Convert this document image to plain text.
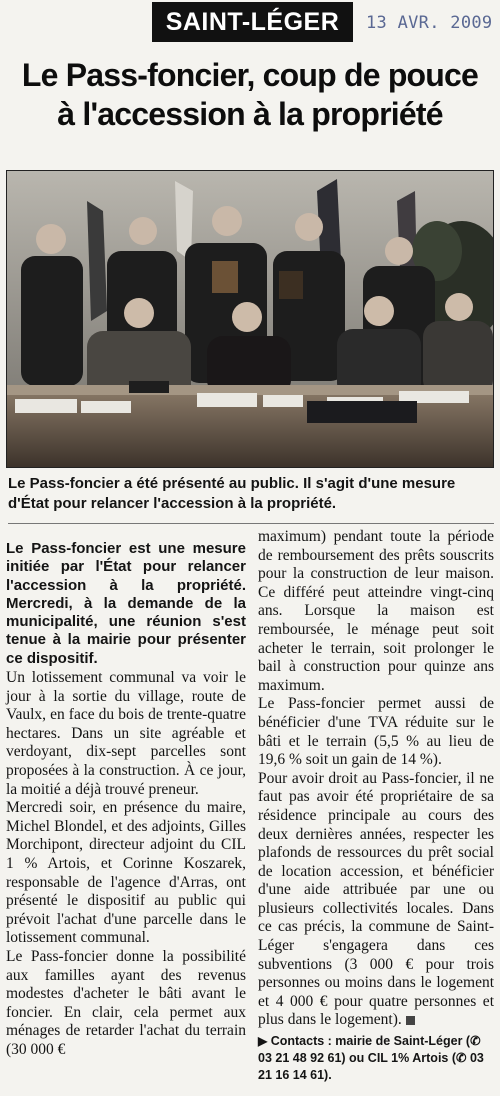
SAINT-LÉGER	13 AVR. 2009
Le Pass-foncier, coup de pouce
à l'accession à la propriété
Le Pass-foncier a été présenté au public. Il s'agit d'une mesure d'État pour relancer l'accession à la propriété.

Le Pass-foncier est une mesure initiée par l'État pour relancer l'accession à la propriété. Mercredi, à la demande de la municipalité, une réunion s'est tenue à la mairie pour présenter ce dispositif.

Un lotissement communal va voir le jour à la sortie du village, route de Vaulx, en face du bois de trente-quatre hectares. Dans un site agréable et verdoyant, dix-sept parcelles sont proposées à la construction. À ce jour, la moitié a déjà trouvé preneur.

Mercredi soir, en présence du maire, Michel Blondel, et des adjoints, Gilles Morchipont, directeur adjoint du CIL 1 % Artois, et Corinne Koszarek, responsable de l'agence d'Arras, ont présenté le dispositif au public qui prévoit l'achat d'une parcelle dans le lotissement communal.

Le Pass-foncier donne la possibilité aux familles ayant des revenus modestes d'acheter le bâti avant le foncier. En clair, cela permet aux ménages de retarder l'achat du terrain (30 000 €

maximum) pendant toute la période de remboursement des prêts souscrits pour la construction de leur maison. Ce différé peut atteindre vingt-cinq ans. Lorsque la maison est remboursée, le ménage peut soit acheter le terrain, soit prolonger le bail à construction pour quinze ans maximum.

Le Pass-foncier permet aussi de bénéficier d'une TVA réduite sur le bâti et le terrain (5,5 % au lieu de 19,6 % soit un gain de 14 %).

Pour avoir droit au Pass-foncier, il ne faut pas avoir été propriétaire de sa résidence principale au cours des deux dernières années, respecter les plafonds de ressources du prêt social de location accession, et bénéficier d'une aide attribuée par une ou plusieurs collectivités locales. Dans ce cas précis, la commune de Saint-Léger s'engagera dans ces subventions (3 000 € pour trois personnes ou moins dans le logement et 4 000 € pour quatre personnes et plus dans le logement).

▶ Contacts : mairie de Saint-Léger (✆ 03 21 48 92 61) ou CIL 1% Artois (✆ 03 21 16 14 61).
